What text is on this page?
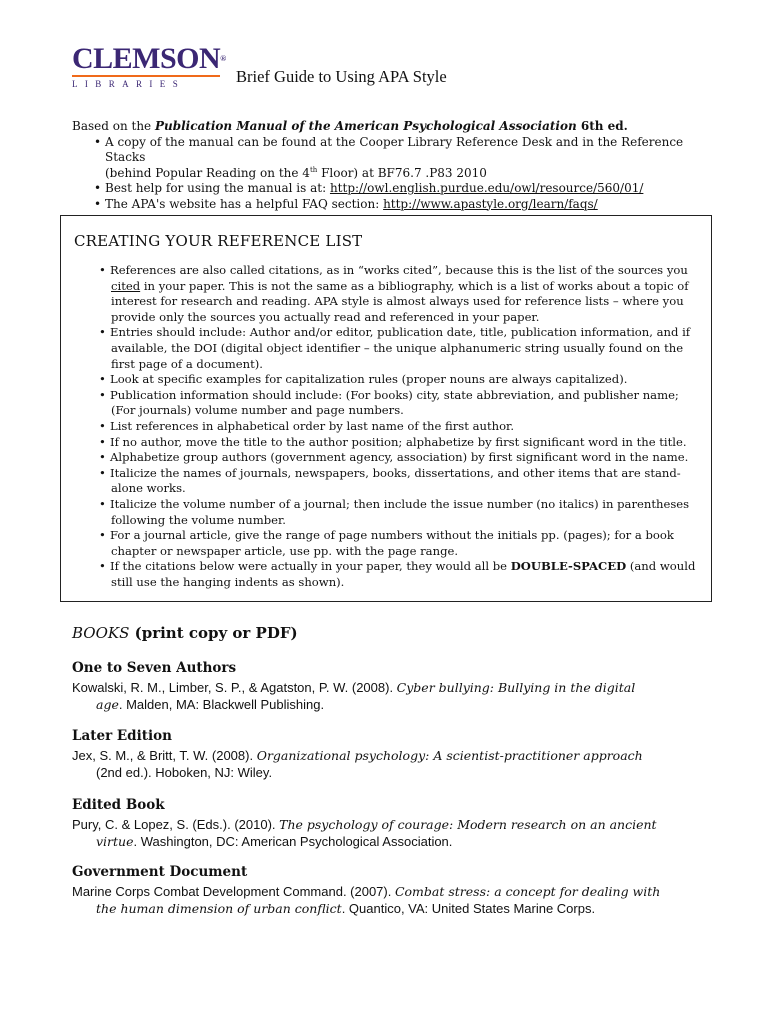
CLEMSON®
LIBRARIES	Brief Guide to Using APA Style
Based on the Publication Manual of the American Psychological Association 6th ed.
• A copy of the manual can be found at the Cooper Library Reference Desk and in the Reference Stacks
(behind Popular Reading on the 4th Floor) at BF76.7 .P83 2010
• Best help for using the manual is at: http://owl.english.purdue.edu/owl/resource/560/01/
• The APA's website has a helpful FAQ section: http://www.apastyle.org/learn/faqs/
CREATING YOUR REFERENCE LIST
• References are also called citations, as in “works cited”, because this is the list of the sources you cited in your paper. This is not the same as a bibliography, which is a list of works about a topic of interest for research and reading. APA style is almost always used for reference lists – where you provide only the sources you actually read and referenced in your paper.
• Entries should include: Author and/or editor, publication date, title, publication information, and if available, the DOI (digital object identifier – the unique alphanumeric string usually found on the first page of a document).
• Look at specific examples for capitalization rules (proper nouns are always capitalized).
• Publication information should include: (For books) city, state abbreviation, and publisher name; (For journals) volume number and page numbers.
• List references in alphabetical order by last name of the first author.
• If no author, move the title to the author position; alphabetize by first significant word in the title.
• Alphabetize group authors (government agency, association) by first significant word in the name.
• Italicize the names of journals, newspapers, books, dissertations, and other items that are stand-alone works.
• Italicize the volume number of a journal; then include the issue number (no italics) in parentheses following the volume number.
• For a journal article, give the range of page numbers without the initials pp. (pages); for a book chapter or newspaper article, use pp. with the page range.
• If the citations below were actually in your paper, they would all be DOUBLE-SPACED (and would still use the hanging indents as shown).
BOOKS (print copy or PDF)
One to Seven Authors
Kowalski, R. M., Limber, S. P., & Agatston, P. W. (2008). Cyber bullying: Bullying in the digital
age. Malden, MA: Blackwell Publishing.
Later Edition
Jex, S. M., & Britt, T. W. (2008). Organizational psychology: A scientist-practitioner approach
(2nd ed.). Hoboken, NJ: Wiley.
Edited Book
Pury, C. & Lopez, S. (Eds.). (2010). The psychology of courage: Modern research on an ancient
virtue. Washington, DC: American Psychological Association.
Government Document
Marine Corps Combat Development Command. (2007). Combat stress: a concept for dealing with
the human dimension of urban conflict. Quantico, VA: United States Marine Corps.
